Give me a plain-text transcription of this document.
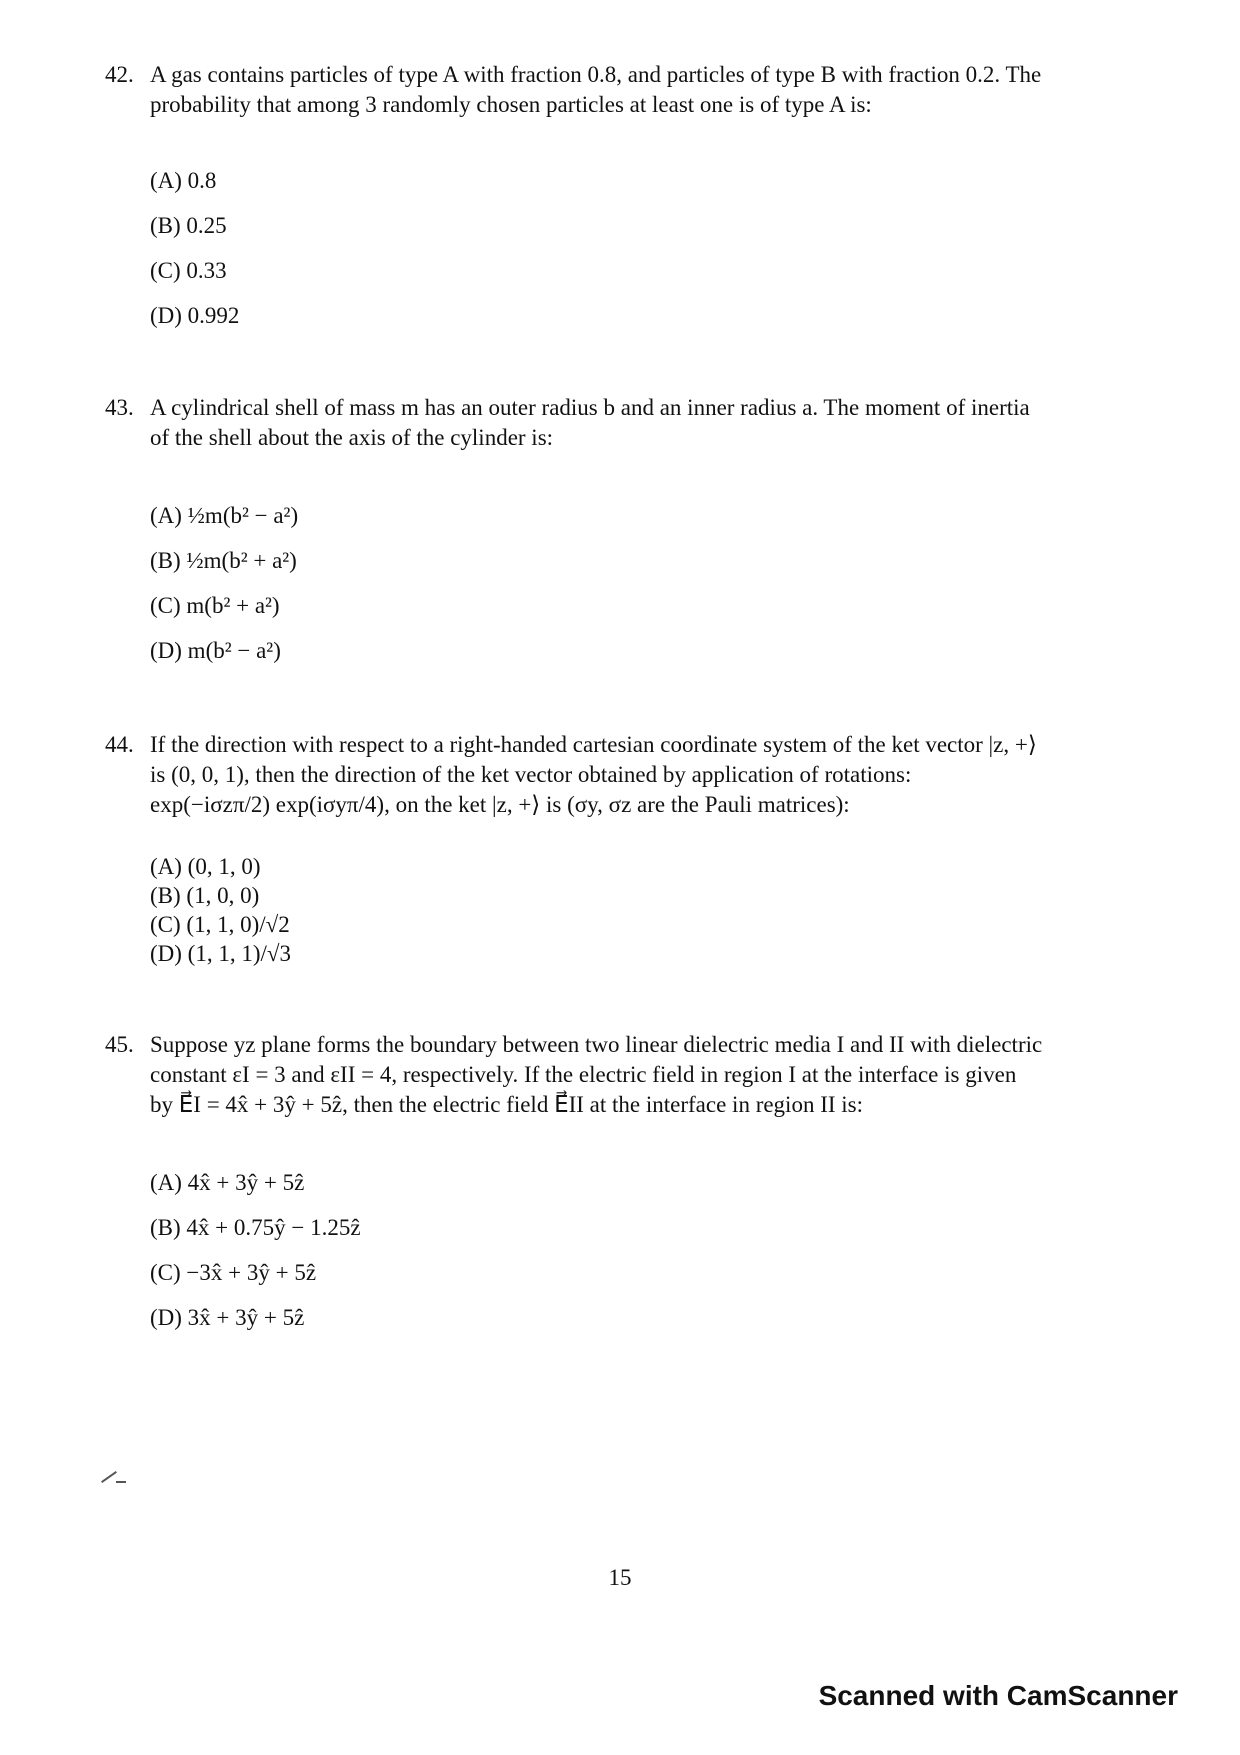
42. A gas contains particles of type A with fraction 0.8, and particles of type B with fraction 0.2. The
probability that among 3 randomly chosen particles at least one is of type A is:
(A) 0.8
(B) 0.25
(C) 0.33
(D) 0.992
43. A cylindrical shell of mass m has an outer radius b and an inner radius a. The moment of inertia
of the shell about the axis of the cylinder is:
(A) ½m(b² − a²)
(B) ½m(b² + a²)
(C) m(b² + a²)
(D) m(b² − a²)
44. If the direction with respect to a right-handed cartesian coordinate system of the ket vector |z, +⟩
is (0, 0, 1), then the direction of the ket vector obtained by application of rotations:
exp(−iσzπ/2) exp(iσyπ/4), on the ket |z, +⟩ is (σy, σz are the Pauli matrices):
(A) (0, 1, 0)
(B) (1, 0, 0)
(C) (1, 1, 0)/√2
(D) (1, 1, 1)/√3
45. Suppose yz plane forms the boundary between two linear dielectric media I and II with dielectric
constant εI = 3 and εII = 4, respectively. If the electric field in region I at the interface is given
by E⃗I = 4x̂ + 3ŷ + 5ẑ, then the electric field E⃗II at the interface in region II is:
(A) 4x̂ + 3ŷ + 5ẑ
(B) 4x̂ + 0.75ŷ − 1.25ẑ
(C) −3x̂ + 3ŷ + 5ẑ
(D) 3x̂ + 3ŷ + 5ẑ
15
Scanned with CamScanner
